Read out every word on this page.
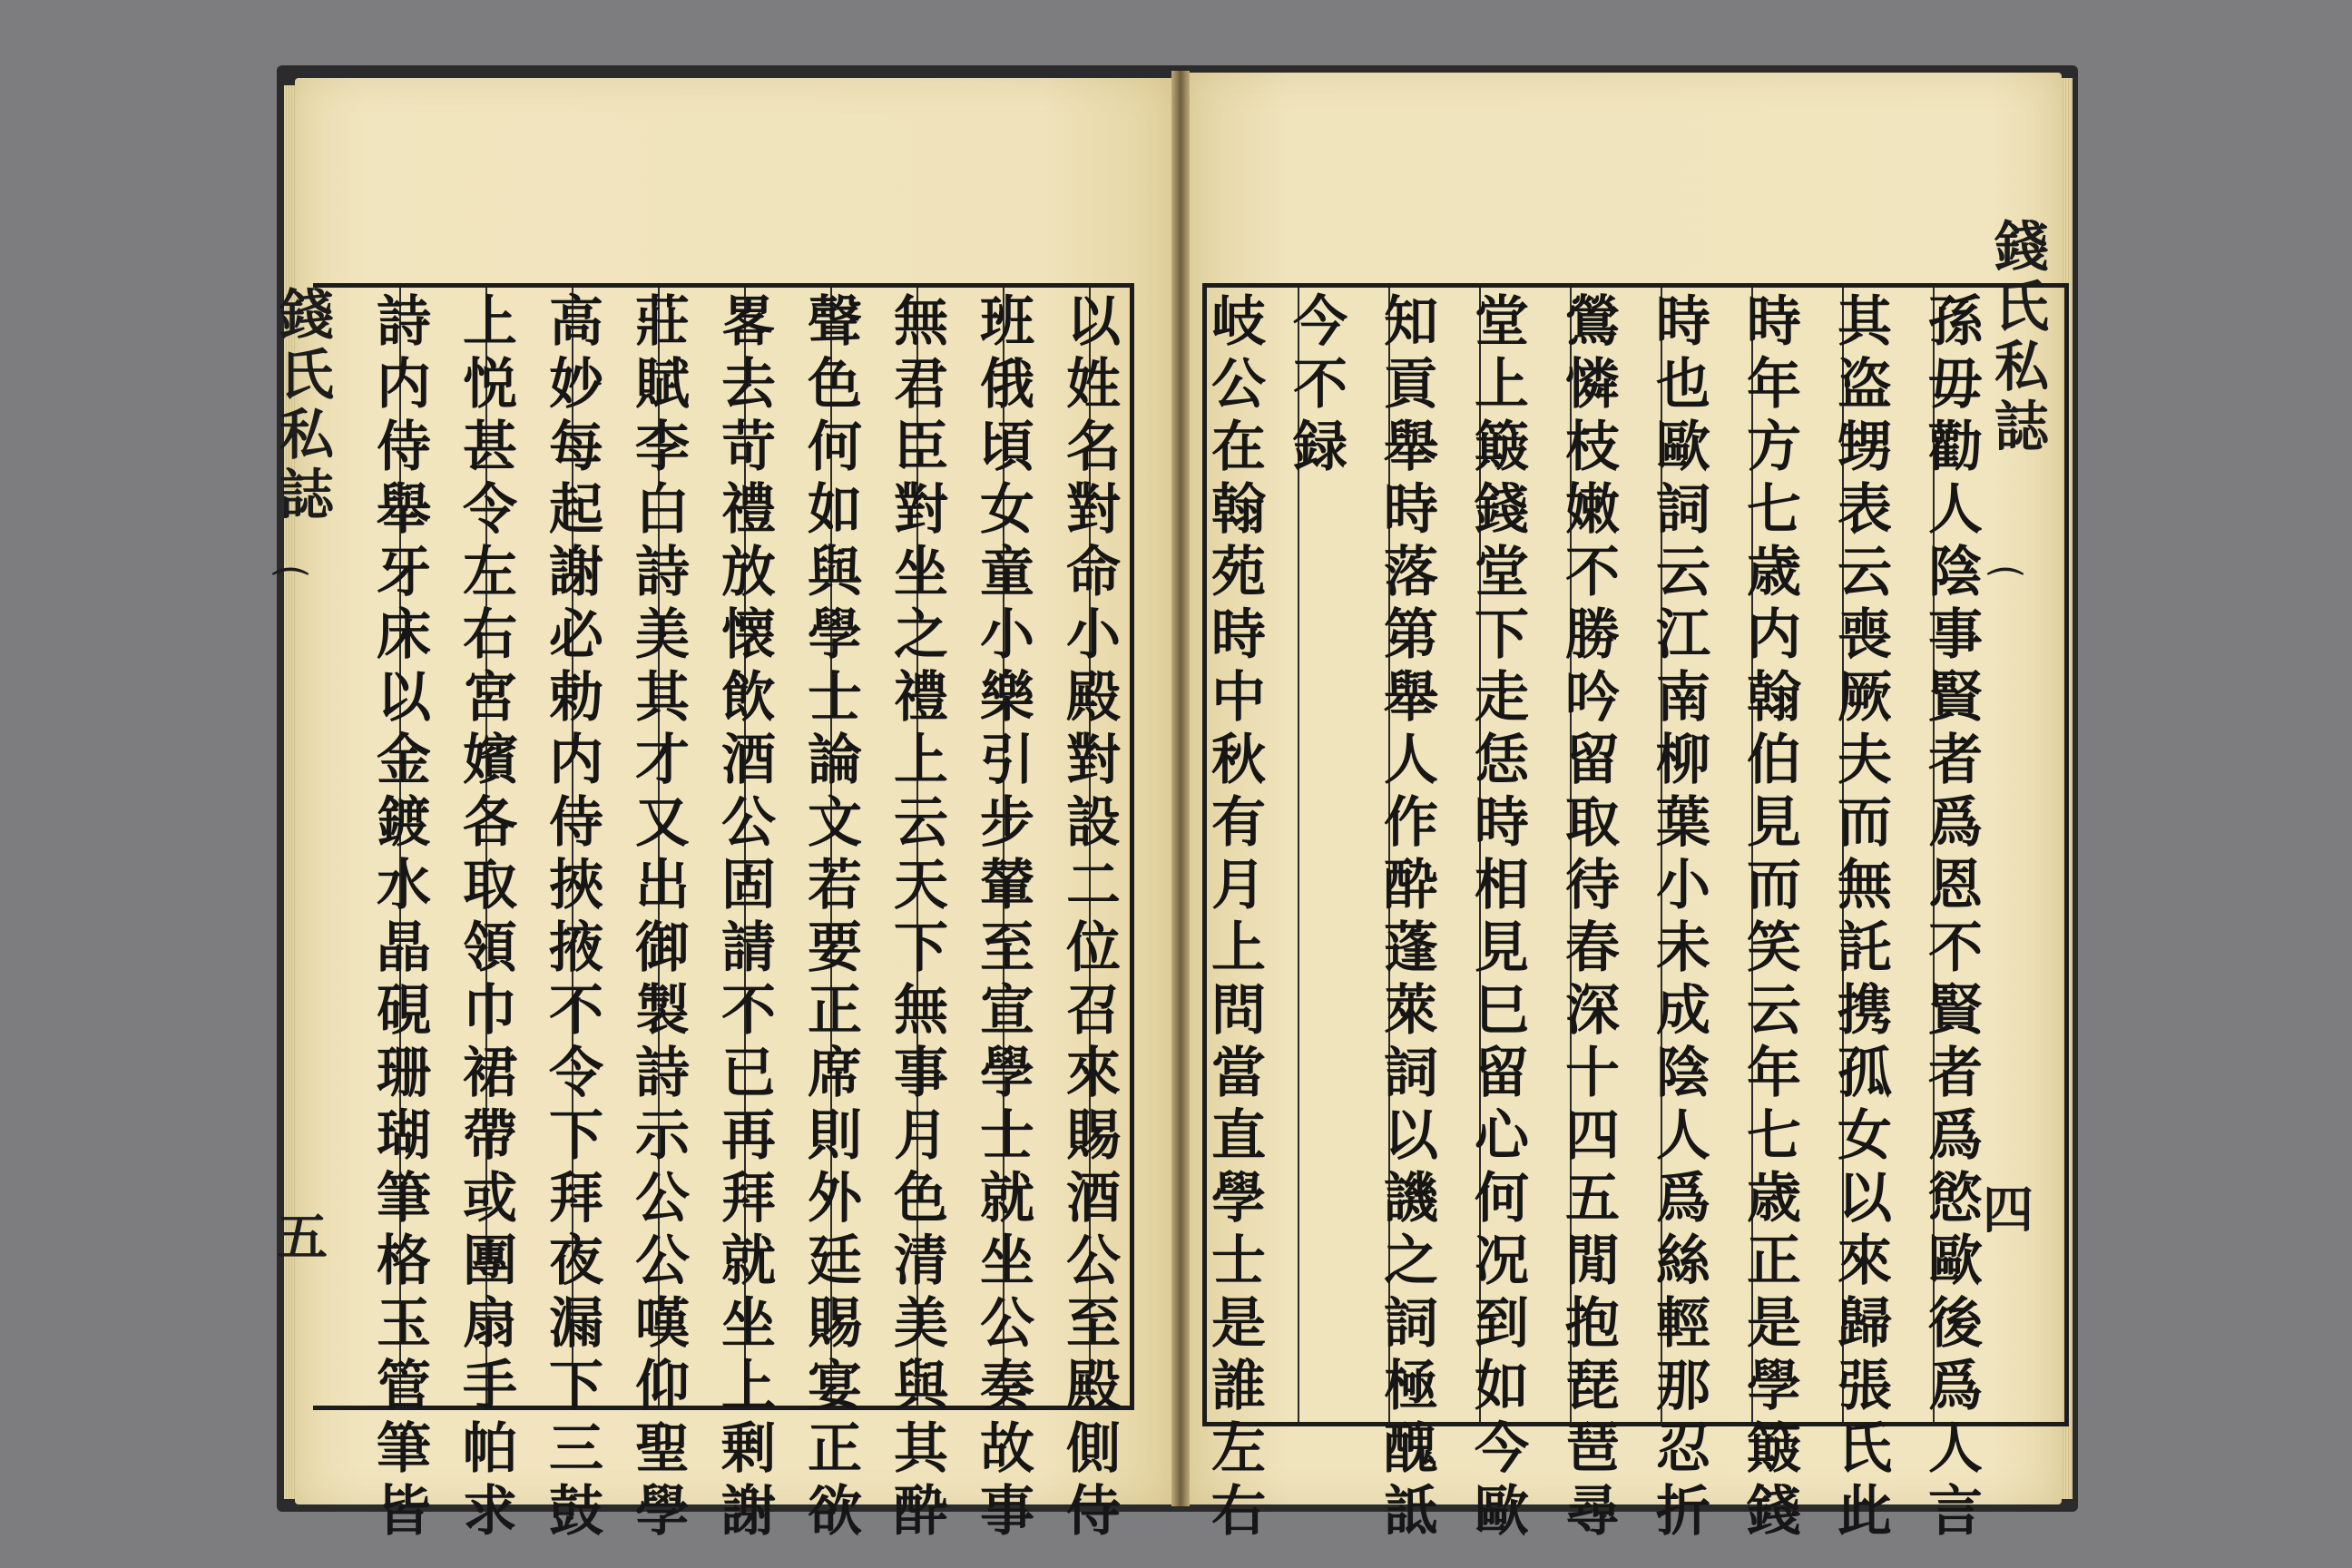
錢氏私誌
⌒
五	以姓名對命小殿對設二位召來賜酒公至殿側侍
班俄頃女童小樂引步輦至宣學士就坐公奏故事
無君臣對坐之禮上云天下無事月色清美與其酔
聲色何如與學士論文若要正席則外廷賜宴正欲
畧去苛禮放懐飲酒公固請不已再拜就坐上剰謝
莊賦李白詩美其才又出御製詩示公公嘆仰聖學
高妙每起謝必勅内侍挾掖不令下拜夜漏下三鼓
上悦甚令左右宮嬪各取領巾裙帶或團扇手帕求
詩内侍舉牙床以金鍍水晶硯珊瑚筆格玉管筆皆	錢氏私誌
⌒
四
孫毋勸人陰事賢者爲恩不賢者爲慾歐後爲人言
其盗甥表云喪厥夫而無託携孤女以來歸張氏此
時年方七歳内翰伯見而笑云年七歳正是學簸錢
時也歐詞云江南柳葉小未成陰人爲絲輕那忍折
鶯憐枝嫩不勝吟留取待春深十四五閒抱琵琶尋
堂上簸錢堂下走恁時相見巳留心何况到如今歐
知貢舉時落第舉人作酔蓬萊詞以譏之詞極醜詆
今不録
岐公在翰苑時中秋有月上問當直學士是誰左右
